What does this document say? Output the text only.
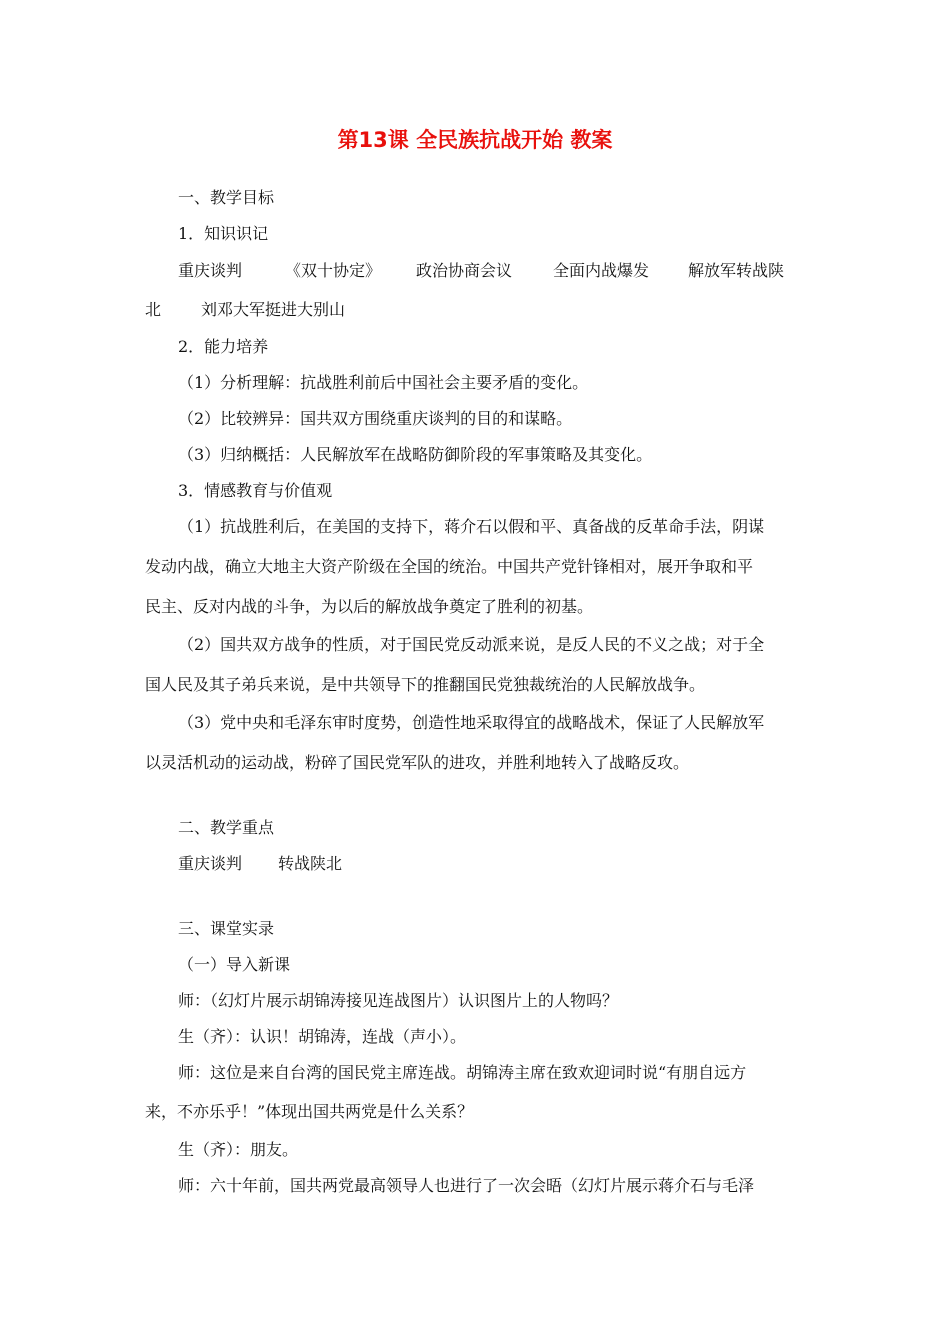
第13课 全民族抗战开始 教案
一、教学目标
1．知识识记
重庆谈判	《双十协定》 政治协商会议	全面内战爆发 解放军转战陕
北 刘邓大军挺进大别山
2．能力培养
（1）分析理解：抗战胜利前后中国社会主要矛盾的变化。
（2）比较辨异：国共双方围绕重庆谈判的目的和谋略。
（3）归纳概括：人民解放军在战略防御阶段的军事策略及其变化。
3．情感教育与价值观
（1）抗战胜利后，在美国的支持下，蒋介石以假和平、真备战的反革命手法，阴谋
发动内战，确立大地主大资产阶级在全国的统治。中国共产党针锋相对，展开争取和平
民主、反对内战的斗争，为以后的解放战争奠定了胜利的初基。
（2）国共双方战争的性质，对于国民党反动派来说，是反人民的不义之战；对于全
国人民及其子弟兵来说，是中共领导下的推翻国民党独裁统治的人民解放战争。
（3）党中央和毛泽东审时度势，创造性地采取得宜的战略战术，保证了人民解放军
以灵活机动的运动战，粉碎了国民党军队的进攻，并胜利地转入了战略反攻。
二、教学重点
重庆谈判 转战陕北
三、课堂实录
（一）导入新课
师：（幻灯片展示胡锦涛接见连战图片）认识图片上的人物吗？
生（齐）：认识！胡锦涛，连战（声小）。
师：这位是来自台湾的国民党主席连战。胡锦涛主席在致欢迎词时说“有朋自远方
来，不亦乐乎！”体现出国共两党是什么关系？
生（齐）：朋友。
师：六十年前，国共两党最高领导人也进行了一次会晤（幻灯片展示蒋介石与毛泽
